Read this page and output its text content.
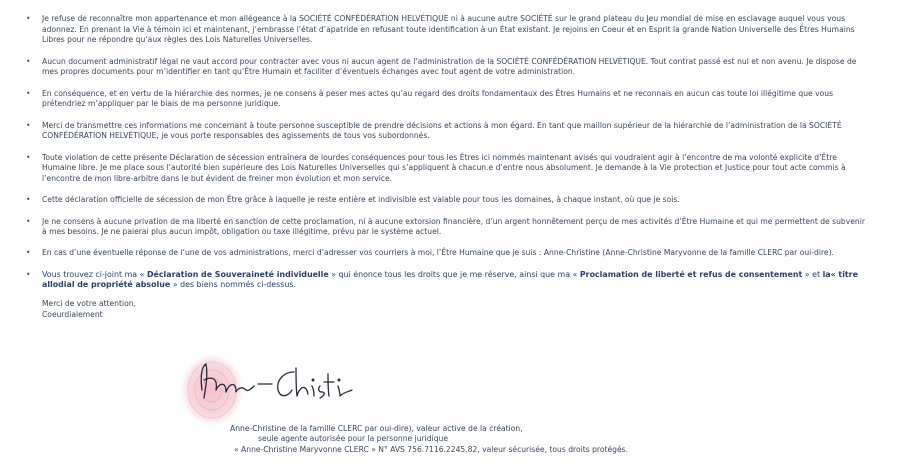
• Je refuse de reconnaître mon appartenance et mon allégeance à la SOCIÉTÉ CONFÉDÉRATION HELVÉTIQUE ni à aucune autre SOCIÉTÉ sur le grand plateau du Jeu mondial de mise en esclavage auquel vous vous adonnez. En prenant la Vie à témoin ici et maintenant, j’embrasse l’état d’apatride en refusant toute identification à un État existant. Je rejoins en Coeur et en Esprit la grande Nation Universelle des Êtres Humains Libres pour ne répondre qu’aux règles des Lois Naturelles Universelles.
• Aucun document administratif légal ne vaut accord pour contracter avec vous ni aucun agent de l’administration de la SOCIÉTÉ CONFÉDÉRATION HELVÉTIQUE. Tout contrat passé est nul et non avenu. Je dispose de mes propres documents pour m’identifier en tant qu’Être Humain et faciliter d’éventuels échanges avec tout agent de votre administration.
• En conséquence, et en vertu de la hiérarchie des normes, je ne consens à peser mes actes qu’au regard des droits fondamentaux des Êtres Humains et ne reconnais en aucun cas toute loi illégitime que vous prétendriez m’appliquer par le biais de ma personne juridique.
• Merci de transmettre ces informations me concernant à toute personne susceptible de prendre décisions et actions à mon égard. En tant que maillon supérieur de la hiérarchie de l’administration de la SOCIÉTÉ CONFÉDÉRATION HELVÉTIQUE, je vous porte responsables des agissements de tous vos subordonnés.
• Toute violation de cette présente Déclaration de sécession entraînera de lourdes conséquences pour tous les Êtres ici nommés maintenant avisés qui voudraient agir à l’encontre de ma volonté explicite d’Être Humaine libre. Je me place sous l’autorité bien supérieure des Lois Naturelles Universelles qui s’appliquent à chacun.e d’entre nous absolument. Je demande à la Vie protection et Justice pour tout acte commis à l’encontre de mon libre-arbitre dans le but évident de freiner mon évolution et mon service.
• Cette déclaration officielle de sécession de mon Être grâce à laquelle je reste entière et indivisible est valable pour tous les domaines, à chaque instant, où que je sois.
• Je ne consens à aucune privation de ma liberté en sanction de cette proclamation, ni à aucune extorsion financière, d’un argent honnêtement perçu de mes activités d’Être Humaine et qui me permettent de subvenir à mes besoins. Je ne paierai plus aucun impôt, obligation ou taxe illégitime, prévu par le système actuel.
• En cas d’une éventuelle réponse de l’une de vos administrations, merci d’adresser vos courriers à moi, l’Être Humaine que je suis : Anne-Christine (Anne-Christine Maryvonne de la famille CLERC par oui-dire).
• Vous trouvez ci-joint ma « Déclaration de Souveraineté individuelle » qui énonce tous les droits que je me réserve, ainsi que ma « Proclamation de liberté et refus de consentement » et la« titre allodial de propriété absolue » des biens nommés ci-dessus.
Merci de votre attention,
Coeurdialement
Anne-Christine de la famille CLERC par oui-dire), valeur active de la création,
seule agente autorisée pour la personne juridique
« Anne-Christine Maryvonne CLERC » N° AVS 756.7116.2245.82, valeur sécurisée, tous droits protégés.
